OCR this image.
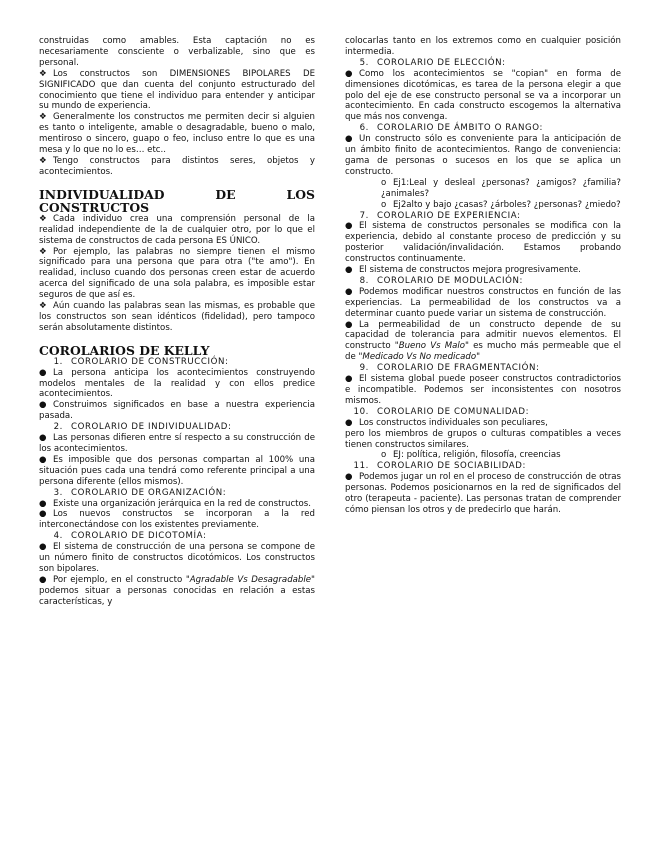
construidas como amables. Esta captación no es necesariamente consciente o verbalizable, sino que es personal.

❖ Los constructos son DIMENSIONES BIPOLARES DE SIGNIFICADO que dan cuenta del conjunto estructurado del conocimiento que tiene el individuo para entender y anticipar su mundo de experiencia.
❖ Generalmente los constructos me permiten decir si alguien es tanto o inteligente, amable o desagradable, bueno o malo, mentiroso o sincero, guapo o feo, incluso entre lo que es una mesa y lo que no lo es… etc..
❖ Tengo constructos para distintos seres, objetos y acontecimientos.
INDIVIDUALIDAD	DE	LOS
CONSTRUCTOS
❖ Cada individuo crea una comprensión personal de la realidad independiente de la de cualquier otro, por lo que el sistema de constructos de cada persona ES ÚNICO.
❖ Por ejemplo, las palabras no siempre tienen el mismo significado para una persona que para otra ("te amo"). En realidad, incluso cuando dos personas creen estar de acuerdo acerca del significado de una sola palabra, es imposible estar seguros de que así es.
❖ Aún cuando las palabras sean las mismas, es probable que los constructos son sean idénticos (fidelidad), pero tampoco serán absolutamente distintos.
COROLARIOS DE KELLY
1. COROLARIO DE CONSTRUCCIÓN:
● La persona anticipa los acontecimientos construyendo modelos mentales de la realidad y con ellos predice acontecimientos.
● Construimos significados en base a nuestra experiencia pasada.
2. COROLARIO DE INDIVIDUALIDAD:
● Las personas difieren entre sí respecto a su construcción de los acontecimientos.
● Es imposible que dos personas compartan al 100% una situación pues cada una tendrá como referente principal a una persona diferente (ellos mismos).
3. COROLARIO DE ORGANIZACIÓN:
● Existe una organización jerárquica en la red de constructos.
● Los nuevos constructos se incorporan a la red interconectándose con los existentes previamente.
4. COROLARIO DE DICOTOMÍA:
● El sistema de construcción de una persona se compone de un número finito de constructos dicotómicos. Los constructos son bipolares.
● Por ejemplo, en el constructo "Agradable Vs Desagradable" podemos situar a personas conocidas en relación a estas características, y

colocarlas tanto en los extremos como en cualquier posición intermedia.

5. COROLARIO DE ELECCIÓN:
● Como los acontecimientos se "copian" en forma de dimensiones dicotómicas, es tarea de la persona elegir a que polo del eje de ese constructo personal se va a incorporar un acontecimiento. En cada constructo escogemos la alternativa que más nos convenga.
6. COROLARIO DE ÁMBITO O RANGO:
● Un constructo sólo es conveniente para la anticipación de un ámbito finito de acontecimientos. Rango de conveniencia: gama de personas o sucesos en los que se aplica un constructo.
o Ej1:Leal y desleal ¿personas? ¿amigos? ¿familia? ¿animales?
o Ej2alto y bajo ¿casas? ¿árboles? ¿personas? ¿miedo?
7. COROLARIO DE EXPERIENCIA:
● El sistema de constructos personales se modifica con la experiencia, debido al constante proceso de predicción y su posterior validación/invalidación. Estamos probando constructos continuamente.
● El sistema de constructos mejora progresivamente.
8. COROLARIO DE MODULACIÓN:
● Podemos modificar nuestros constructos en función de las experiencias. La permeabilidad de los constructos va a determinar cuanto puede variar un sistema de construcción.
● La permeabilidad de un constructo depende de su capacidad de tolerancia para admitir nuevos elementos. El constructo "Bueno Vs Malo" es mucho más permeable que el de "Medicado Vs No medicado"
9. COROLARIO DE FRAGMENTACIÓN:
● El sistema global puede poseer constructos contradictorios e incompatible. Podemos ser inconsistentes con nosotros mismos.
10. COROLARIO DE COMUNALIDAD:
● Los constructos individuales son peculiares,

pero los miembros de grupos o culturas compatibles a veces tienen constructos similares.

o EJ: política, religión, filosofía, creencias
11. COROLARIO DE SOCIABILIDAD:
● Podemos jugar un rol en el proceso de construcción de otras personas. Podemos posicionarnos en la red de significados del otro (terapeuta - paciente). Las personas tratan de comprender cómo piensan los otros y de predecirlo que harán.
